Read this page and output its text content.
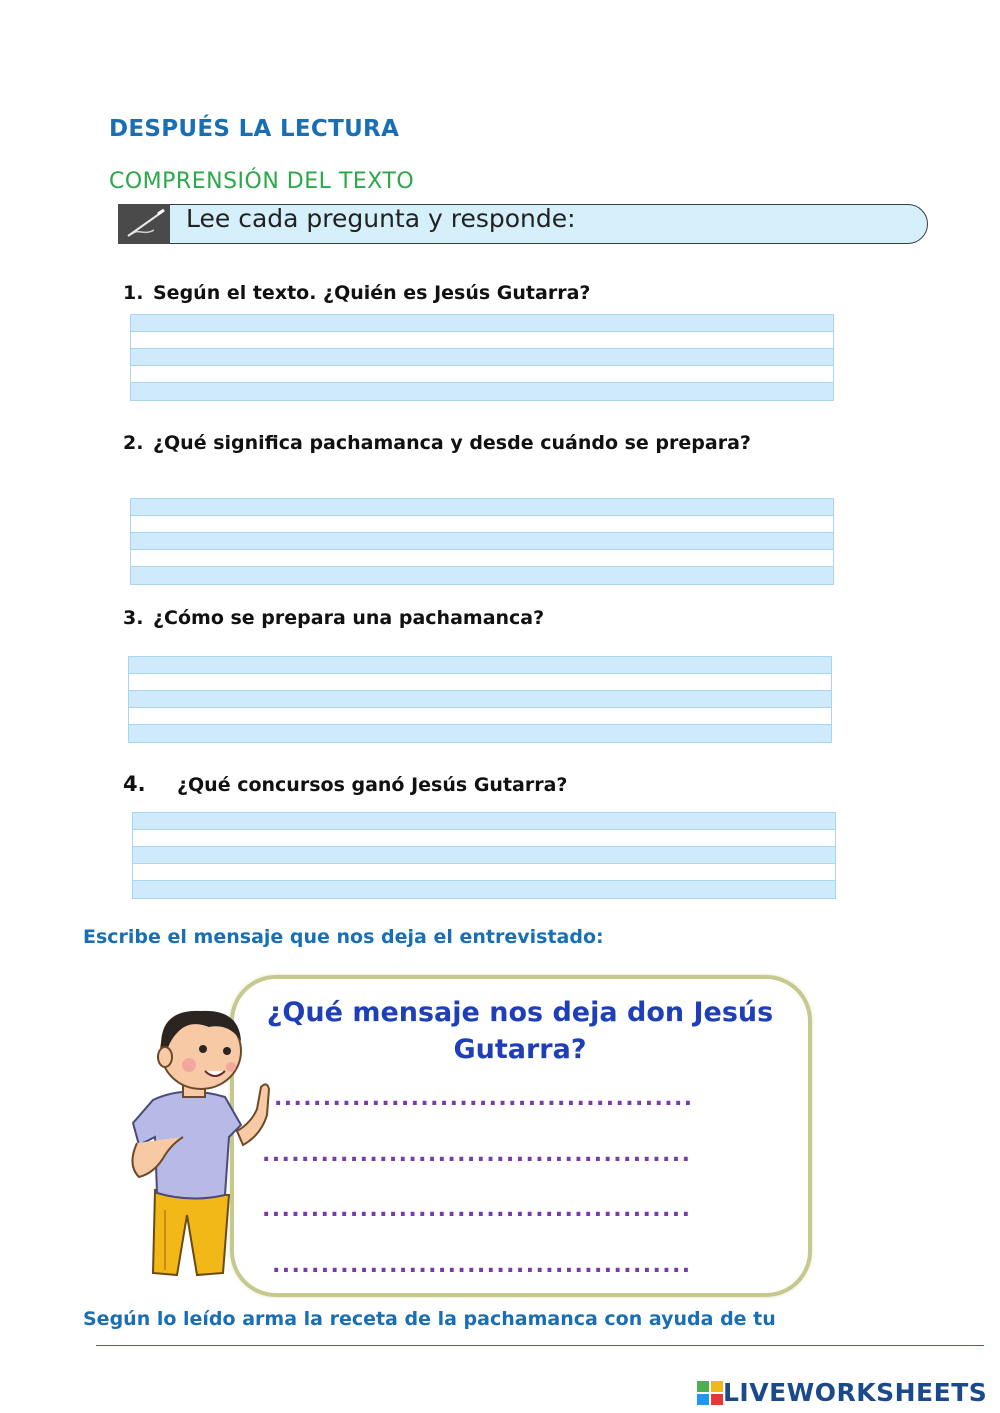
DESPUÉS LA LECTURA
COMPRENSIÓN DEL TEXTO
Lee cada pregunta y responde:
1. Según el texto. ¿Quién es Jesús Gutarra?
2. ¿Qué significa pachamanca y desde cuándo se prepara?
3. ¿Cómo se prepara una pachamanca?
4. ¿Qué concursos ganó Jesús Gutarra?
Escribe el mensaje que nos deja el entrevistado:
¿Qué mensaje nos deja don Jesús Gutarra?
...........................................
............................................
............................................
...........................................
Según lo leído arma la receta de la pachamanca con ayuda de tu
LIVEWORKSHEETS
